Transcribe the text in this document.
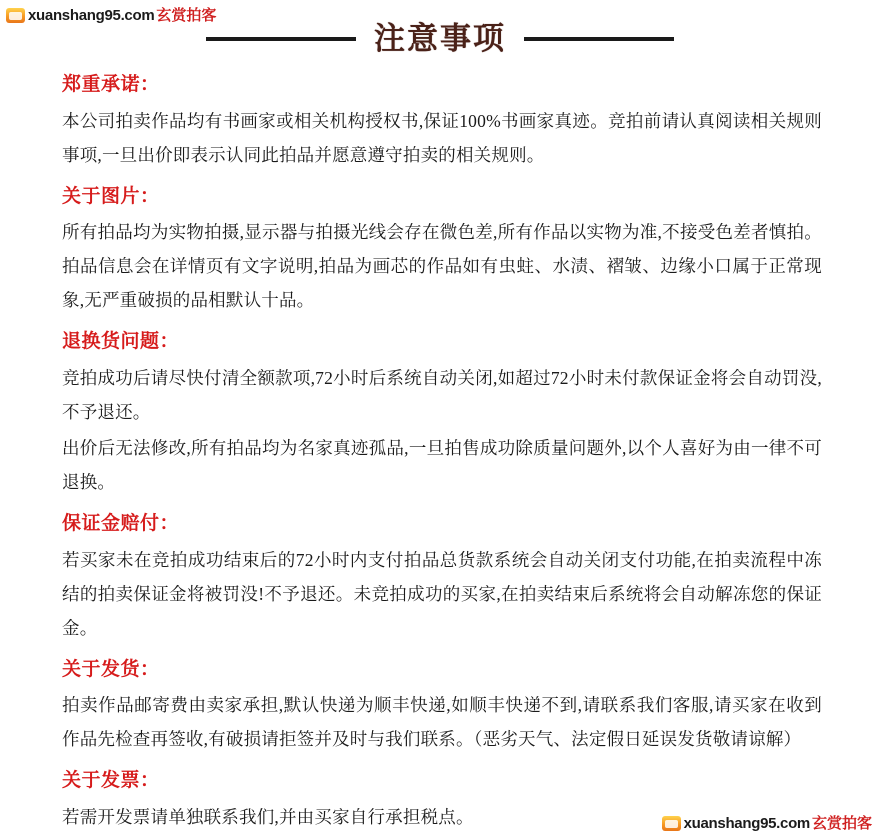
xuanshang95.com 玄赏拍客
注意事项
郑重承诺：

本公司拍卖作品均有书画家或相关机构授权书,保证100%书画家真迹。竞拍前请认真阅读相关规则事项,一旦出价即表示认同此拍品并愿意遵守拍卖的相关规则。

关于图片：

所有拍品均为实物拍摄,显示器与拍摄光线会存在微色差,所有作品以实物为准,不接受色差者慎拍。拍品信息会在详情页有文字说明,拍品为画芯的作品如有虫蛀、水渍、褶皱、边缘小口属于正常现象,无严重破损的品相默认十品。

退换货问题：

竞拍成功后请尽快付清全额款项,72小时后系统自动关闭,如超过72小时未付款保证金将会自动罚没,不予退还。

出价后无法修改,所有拍品均为名家真迹孤品,一旦拍售成功除质量问题外,以个人喜好为由一律不可退换。

保证金赔付：

若买家未在竞拍成功结束后的72小时内支付拍品总货款系统会自动关闭支付功能,在拍卖流程中冻结的拍卖保证金将被罚没!不予退还。未竞拍成功的买家,在拍卖结束后系统将会自动解冻您的保证金。

关于发货：

拍卖作品邮寄费由卖家承担,默认快递为顺丰快递,如顺丰快递不到,请联系我们客服,请买家在收到作品先检查再签收,有破损请拒签并及时与我们联系。（恶劣天气、法定假日延误发货敬请谅解）

关于发票：

若需开发票请单独联系我们,并由买家自行承担税点。	xuanshang95.com 玄赏拍客
